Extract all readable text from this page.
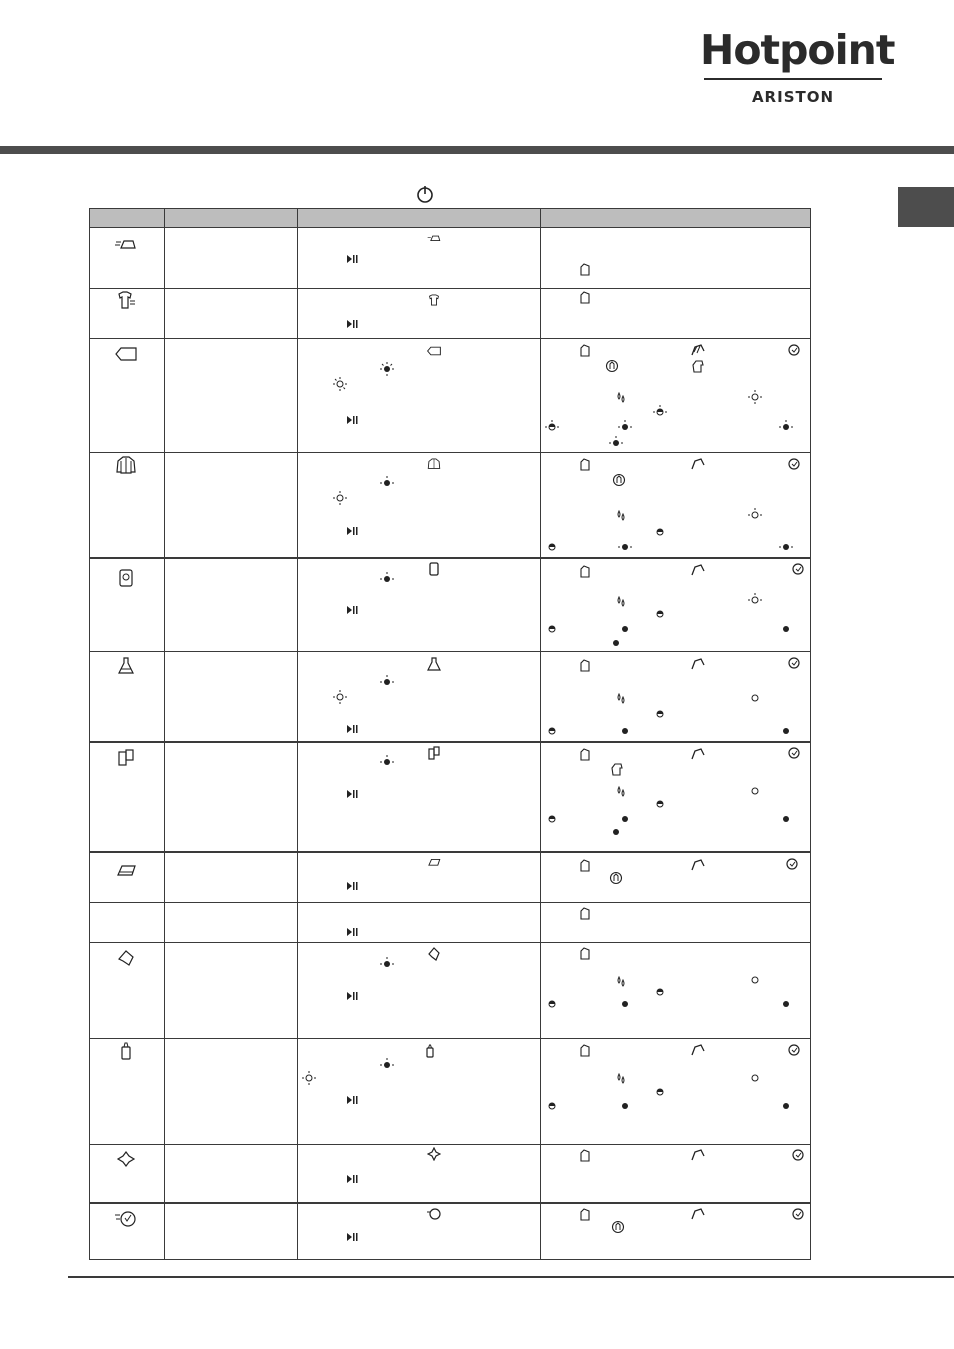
Hotpoint
ARISTON
